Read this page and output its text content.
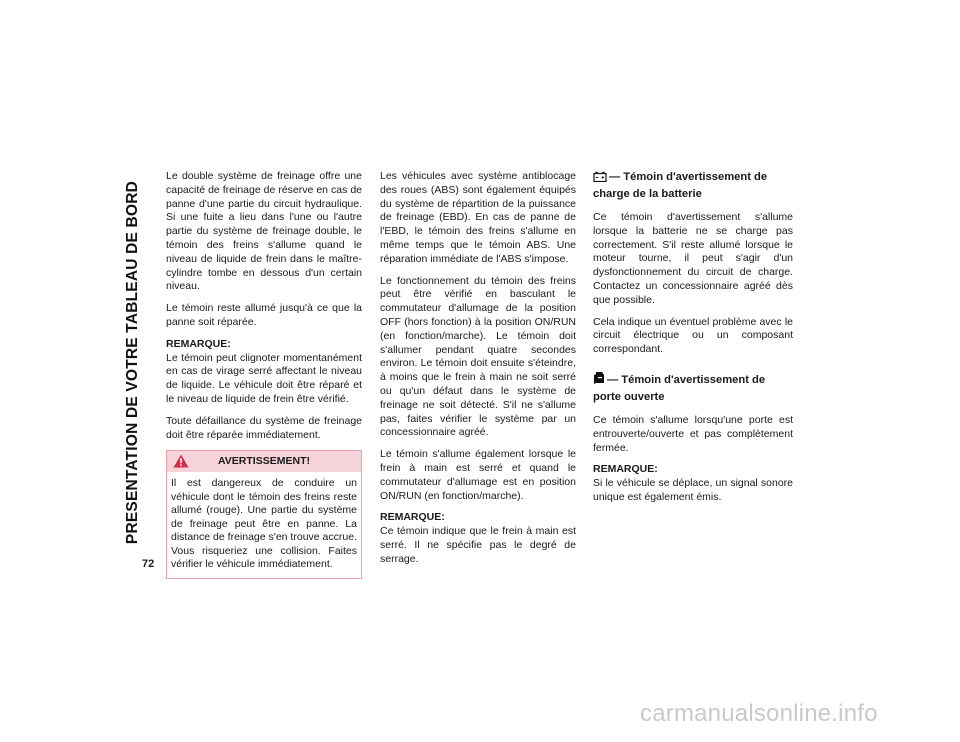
PRESENTATION DE VOTRE TABLEAU DE BORD
72

Le double système de freinage offre une capacité de freinage de réserve en cas de panne d'une partie du circuit hydraulique. Si une fuite a lieu dans l'une ou l'autre partie du système de freinage double, le témoin des freins s'allume quand le niveau de liquide de frein dans le maître-cylindre tombe en dessous d'un certain niveau.

Le témoin reste allumé jusqu'à ce que la panne soit réparée.

REMARQUE:
Le témoin peut clignoter momentanément en cas de virage serré affectant le niveau de liquide. Le véhicule doit être réparé et le niveau de liquide de frein être vérifié.

Toute défaillance du système de freinage doit être réparée immédiatement.

AVERTISSEMENT!
Il est dangereux de conduire un véhicule dont le témoin des freins reste allumé (rouge). Une partie du système de freinage peut être en panne. La distance de freinage s'en trouve accrue. Vous risqueriez une collision. Faites vérifier le véhicule immédiatement.

Les véhicules avec système antiblocage des roues (ABS) sont également équipés du système de répartition de la puissance de freinage (EBD). En cas de panne de l'EBD, le témoin des freins s'allume en même temps que le témoin ABS. Une réparation immédiate de l'ABS s'impose.

Le fonctionnement du témoin des freins peut être vérifié en basculant le commutateur d'allumage de la position OFF (hors fonction) à la position ON/RUN (en fonction/marche). Le témoin doit s'allumer pendant quatre secondes environ. Le témoin doit ensuite s'éteindre, à moins que le frein à main ne soit serré ou qu'un défaut dans le système de freinage ne soit détecté. S'il ne s'allume pas, faites vérifier le système par un concessionnaire agréé.

Le témoin s'allume également lorsque le frein à main est serré et quand le commutateur d'allumage est en position ON/RUN (en fonction/marche).

REMARQUE:
Ce témoin indique que le frein à main est serré. Il ne spécifie pas le degré de serrage.

— Témoin d'avertissement de charge de la batterie

Ce témoin d'avertissement s'allume lorsque la batterie ne se charge pas correctement. S'il reste allumé lorsque le moteur tourne, il peut s'agir d'un dysfonctionnement du circuit de charge. Contactez un concessionnaire agréé dès que possible.

Cela indique un éventuel problème avec le circuit électrique ou un composant correspondant.

— Témoin d'avertissement de porte ouverte

Ce témoin s'allume lorsqu'une porte est entrouverte/ouverte et pas complètement fermée.

REMARQUE:
Si le véhicule se déplace, un signal sonore unique est également émis.

carmanualsonline.info
